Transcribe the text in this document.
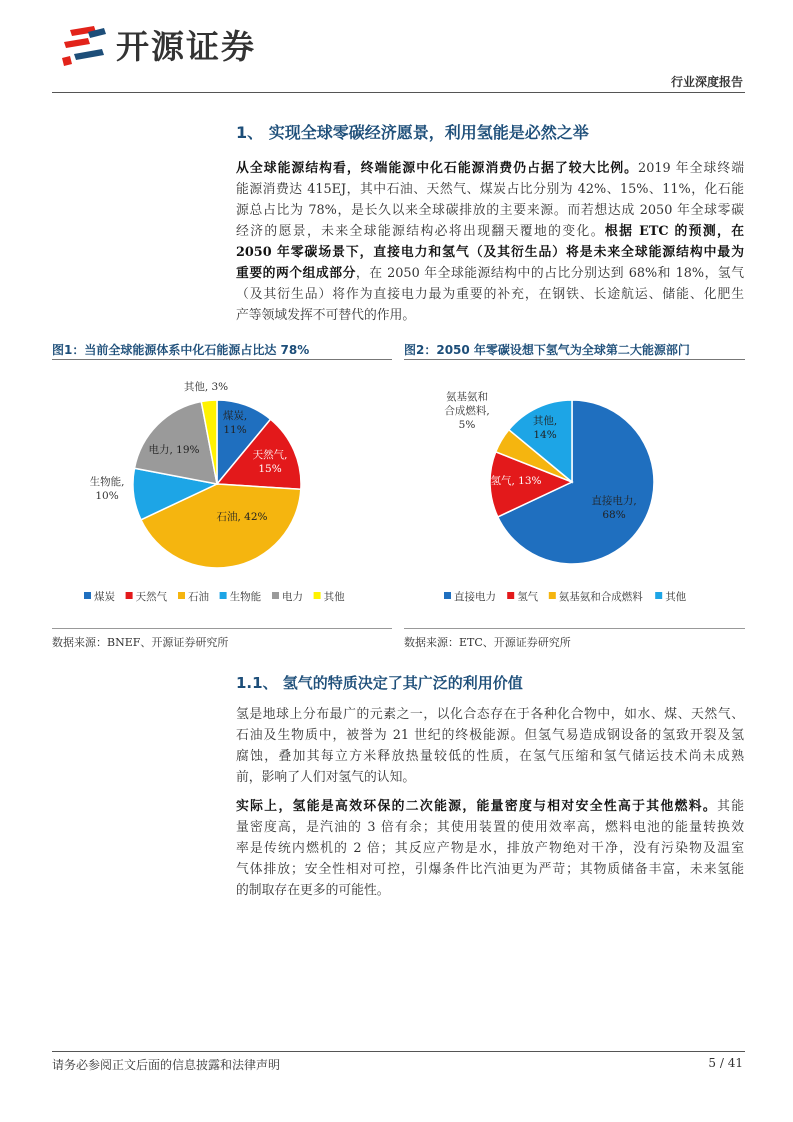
开源证券
行业深度报告
1、 实现全球零碳经济愿景，利用氢能是必然之举
从全球能源结构看，终端能源中化石能源消费仍占据了较大比例。2019 年全球终端
能源消费达 415EJ，其中石油、天然气、煤炭占比分别为 42%、15%、11%，化石能
源总占比为 78%，是长久以来全球碳排放的主要来源。而若想达成 2050 年全球零碳
经济的愿景，未来全球能源结构必将出现翻天覆地的变化。根据 ETC 的预测，在
2050 年零碳场景下，直接电力和氢气（及其衍生品）将是未来全球能源结构中最为
重要的两个组成部分，在 2050 年全球能源结构中的占比分别达到 68%和 18%，氢气
（及其衍生品）将作为直接电力最为重要的补充，在钢铁、长途航运、储能、化肥生
产等领域发挥不可替代的作用。
图1：当前全球能源体系中化石能源占比达 78%	图2：2050 年零碳设想下氢气为全球第二大能源部门
煤炭, 11%
天然气, 15%
石油, 42%
生物能, 10%
电力, 19%
其他, 3%
煤炭 天然气 石油 生物能 电力 其他
直接电力, 68%
氢气, 13%
氨基氨和合成燃料, 5%	其他, 14%
直接电力 氢气 氨基氨和合成燃料 其他
数据来源：BNEF、开源证券研究所	数据来源：ETC、开源证券研究所
1.1、 氢气的特质决定了其广泛的利用价值
氢是地球上分布最广的元素之一，以化合态存在于各种化合物中，如水、煤、天然气、
石油及生物质中，被誉为 21 世纪的终极能源。但氢气易造成钢设备的氢致开裂及氢
腐蚀，叠加其每立方米释放热量较低的性质，在氢气压缩和氢气储运技术尚未成熟
前，影响了人们对氢气的认知。
实际上，氢能是高效环保的二次能源，能量密度与相对安全性高于其他燃料。其能
量密度高，是汽油的 3 倍有余；其使用装置的使用效率高，燃料电池的能量转换效
率是传统内燃机的 2 倍；其反应产物是水，排放产物绝对干净，没有污染物及温室
气体排放；安全性相对可控，引爆条件比汽油更为严苛；其物质储备丰富，未来氢能
的制取存在更多的可能性。
请务必参阅正文后面的信息披露和法律声明	5 / 41
